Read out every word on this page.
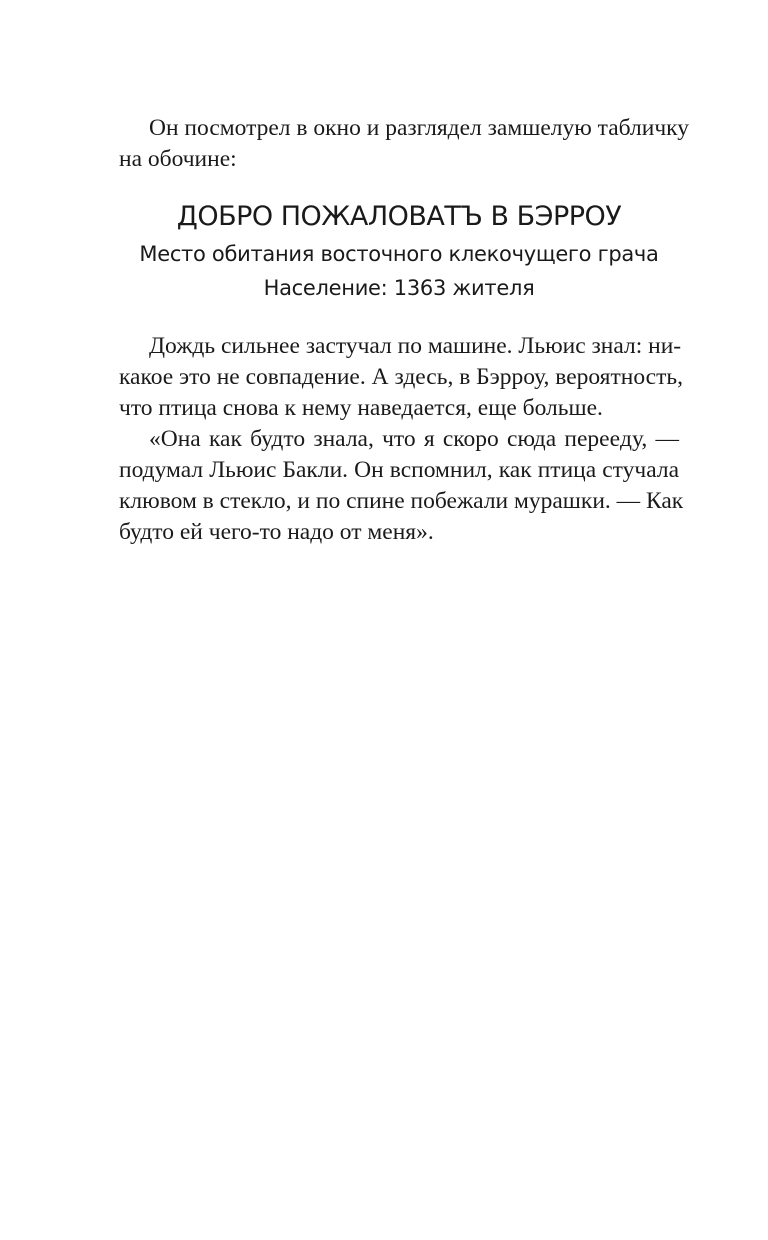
Он посмотрел в окно и разглядел замшелую табличку
на обочине:
ДОБРО ПОЖАЛОВАТЪ В БЭРРОУ
Место обитания восточного клекочущего грача
Население: 1363 жителя
Дождь сильнее застучал по машине. Льюис знал: ни-
какое это не совпадение. А здесь, в Бэрроу, вероятность,
что птица снова к нему наведается, еще больше.
«Она как будто знала, что я скоро сюда переeду, —
подумал Льюис Бакли. Он вспомнил, как птица стучала
клювом в стекло, и по спине побежали мурашки. — Как
будто ей чего-то надо от меня».
